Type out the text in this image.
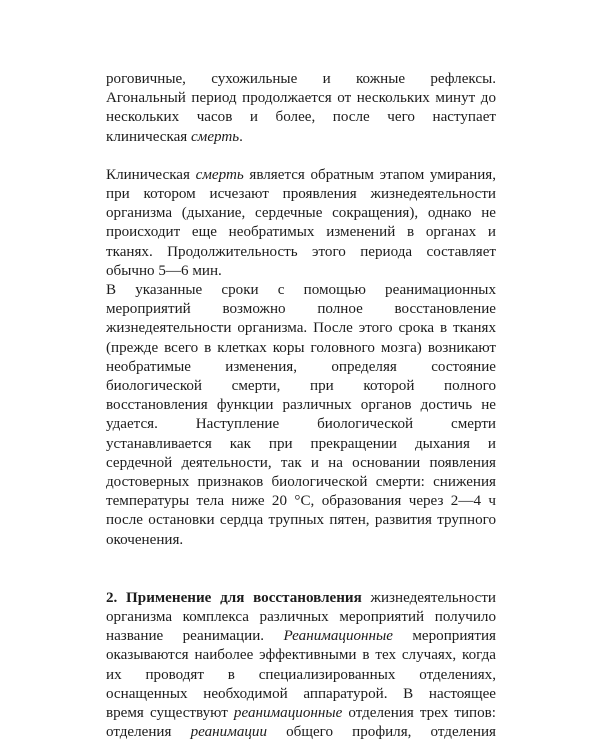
роговичные, сухожильные и кожные рефлексы.
Агональный период продолжается от нескольких минут до
нескольких часов и более, после чего наступает
клиническая смерть.
Клиническая смерть является обратным этапом умирания,
при котором исчезают проявления жизнедеятельности
организма (дыхание, сердечные сокращения), однако не
происходит еще необратимых изменений в органах и
тканях. Продолжительность этого периода составляет
обычно 5—6 мин.
В указанные сроки с помощью реанимационных
мероприятий возможно полное восстановление
жизнедеятельности организма. После этого срока в тканях
(прежде всего в клетках коры головного мозга) возникают
необратимые изменения, определяя состояние
биологической смерти, при которой полного
восстановления функции различных органов достичь не
удается. Наступление биологической смерти
устанавливается как при прекращении дыхания и
сердечной деятельности, так и на основании появления
достоверных признаков биологической смерти: снижения
температуры тела ниже 20 °С, образования через 2—4 ч
после остановки сердца трупных пятен, развития трупного
окоченения.
2. Применение для восстановления жизнедеятельности
организма комплекса различных мероприятий получило
название реанимации. Реанимационные мероприятия
оказываются наиболее эффективными в тех случаях, когда
их проводят в специализированных отделениях,
оснащенных необходимой аппаратурой. В настоящее
время существуют реанимационные отделения трех типов:
отделения реанимации общего профиля, отделения
